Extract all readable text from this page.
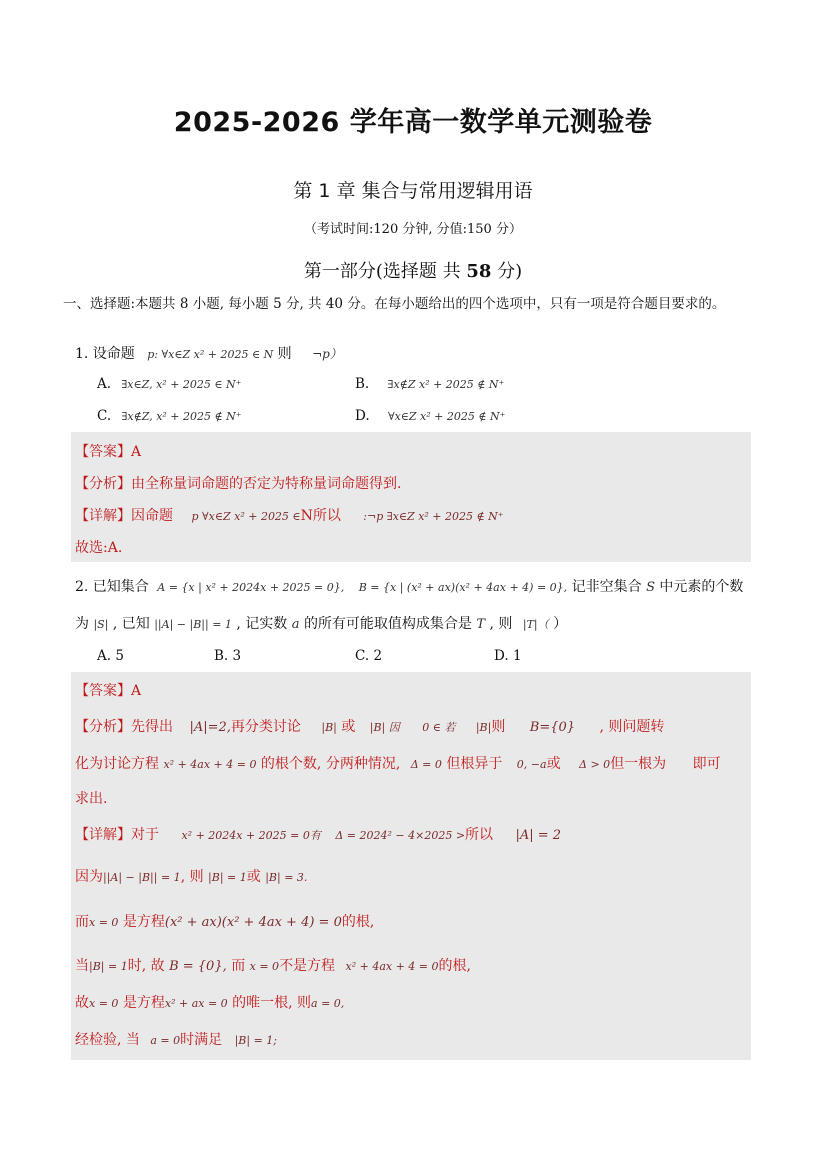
2025-2026 学年高一数学单元测验卷
第 1 章 集合与常用逻辑用语
（考试时间:120 分钟, 分值:150 分）
第一部分(选择题 共 58 分)
一、选择题:本题共 8 小题, 每小题 5 分, 共 40 分。在每小题给出的四个选项中，只有一项是符合题目要求的。
1. 设命题 p: ∀x∈Z x² + 2025 ∈ N 则 ¬p）
A. ∃x∈Z, x² + 2025 ∈ N⁺	B. ∃x∉Z x² + 2025 ∉ N⁺
C. ∃x∉Z, x² + 2025 ∉ N⁺	D. ∀x∈Z x² + 2025 ∉ N⁺
【答案】A
【分析】由全称量词命题的否定为特称量词命题得到.
【详解】因命题 p ∀x∈Z x² + 2025 ∈N所以 :¬p ∃x∈Z x² + 2025 ∉ N⁺
故选:A.
2. 已知集合 A = {x | x² + 2024x + 2025 = 0}, B = {x | (x² + ax)(x² + 4ax + 4) = 0}, 记非空集合 S 中元素的个数
为 |S| , 已知 ||A| − |B|| = 1 , 记实数 a 的所有可能取值构成集合是 T , 则 |T|（ ）
A. 5	B. 3	C. 2	D. 1
【答案】A
【分析】先得出 |A|=2,再分类讨论 |B| 或 |B| 因 0 ∈ 若 |B|则 B={0} , 则问题转
化为讨论方程 x² + 4ax + 4 = 0 的根个数, 分两种情况, Δ = 0 但根异于 0, −a或 Δ > 0但一根为 即可
求出.
【详解】对于 x² + 2024x + 2025 = 0有 Δ = 2024² − 4×2025 >所以 |A| = 2
因为||A| − |B|| = 1, 则 |B| = 1或 |B| = 3.
而x = 0 是方程(x² + ax)(x² + 4ax + 4) = 0的根,
当|B| = 1时, 故 B = {0}, 而 x = 0不是方程 x² + 4ax + 4 = 0的根,
故x = 0 是方程x² + ax = 0 的唯一根, 则a = 0,
经检验, 当 a = 0时满足 |B| = 1;
